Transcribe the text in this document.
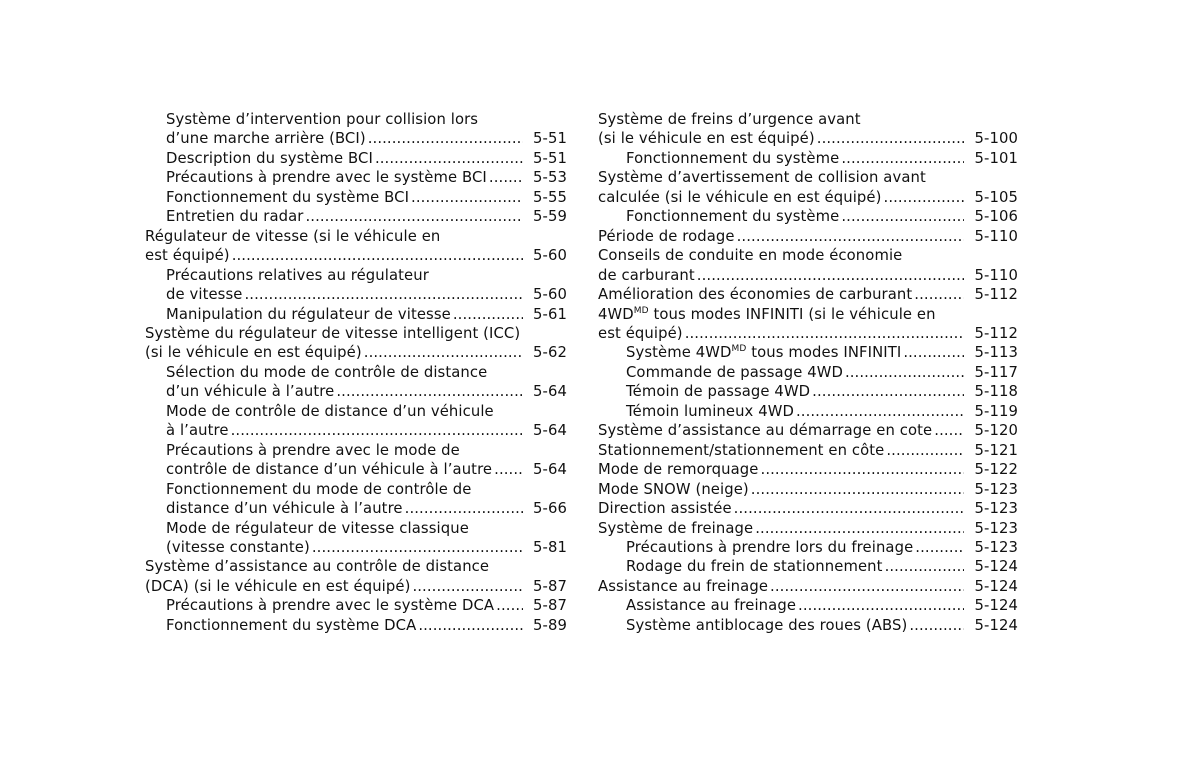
Système d’intervention pour collision lors
d’une marche arrière (BCI) .....	5-51
Description du système BCI .....	5-51
Précautions à prendre avec le système BCI .....	5-53
Fonctionnement du système BCI .....	5-55
Entretien du radar .....	5-59
Régulateur de vitesse (si le véhicule en
est équipé) .....	5-60
Précautions relatives au régulateur
de vitesse .....	5-60
Manipulation du régulateur de vitesse .....	5-61
Système du régulateur de vitesse intelligent (ICC)
(si le véhicule en est équipé) .....	5-62
Sélection du mode de contrôle de distance
d’un véhicule à l’autre .....	5-64
Mode de contrôle de distance d’un véhicule
à l’autre .....	5-64
Précautions à prendre avec le mode de
contrôle de distance d’un véhicule à l’autre .....	5-64
Fonctionnement du mode de contrôle de
distance d’un véhicule à l’autre .....	5-66
Mode de régulateur de vitesse classique
(vitesse constante) .....	5-81
Système d’assistance au contrôle de distance
(DCA) (si le véhicule en est équipé) .....	5-87
Précautions à prendre avec le système DCA .....	5-87
Fonctionnement du système DCA .....	5-89
Système de freins d’urgence avant
(si le véhicule en est équipé) .....	5-100
Fonctionnement du système .....	5-101
Système d’avertissement de collision avant
calculée (si le véhicule en est équipé) .....	5-105
Fonctionnement du système .....	5-106
Période de rodage .....	5-110
Conseils de conduite en mode économie
de carburant .....	5-110
Amélioration des économies de carburant .....	5-112
$4WD^{MD}$ tous modes INFINITI (si le véhicule en
est équipé) .....	5-112
Système $4WD^{MD}$ tous modes INFINITI .....	5-113
Commande de passage 4WD .....	5-117
Témoin de passage 4WD .....	5-118
Témoin lumineux 4WD .....	5-119
Système d’assistance au démarrage en cote .....	5-120
Stationnement/stationnement en côte .....	5-121
Mode de remorquage .....	5-122
Mode SNOW (neige) .....	5-123
Direction assistée .....	5-123
Système de freinage .....	5-123
Précautions à prendre lors du freinage .....	5-123
Rodage du frein de stationnement .....	5-124
Assistance au freinage .....	5-124
Assistance au freinage .....	5-124
Système antiblocage des roues (ABS) .....	5-124
